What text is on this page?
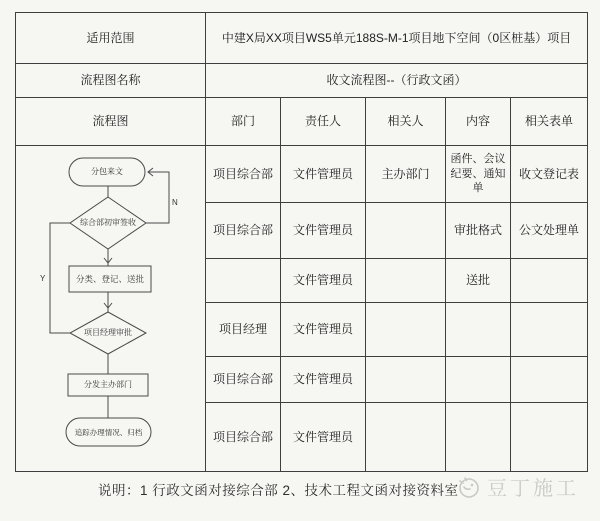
适用范围	中建X局XX项目WS5单元188S-M-1项目地下空间（0区桩基）项目				
流程图名称	收文流程图--（行政文函）				
流程图	部门	责任人	相关人	内容	相关表单

分包来文
综合部初审签收
分类、登记、送批
项目经理审批
分发主办部门
追踪办理情况、归档
N
Y
	项目综合部	文件管理员	主办部门	函件、会议纪要、通知单	收文登记表
	项目综合部	文件管理员		审批格式	公文处理单
		文件管理员		送批	
	项目经理	文件管理员			
	项目综合部	文件管理员			
	项目综合部	文件管理员			
说明：1 行政文函对接综合部 2、技术工程文函对接资料室 豆丁施工
